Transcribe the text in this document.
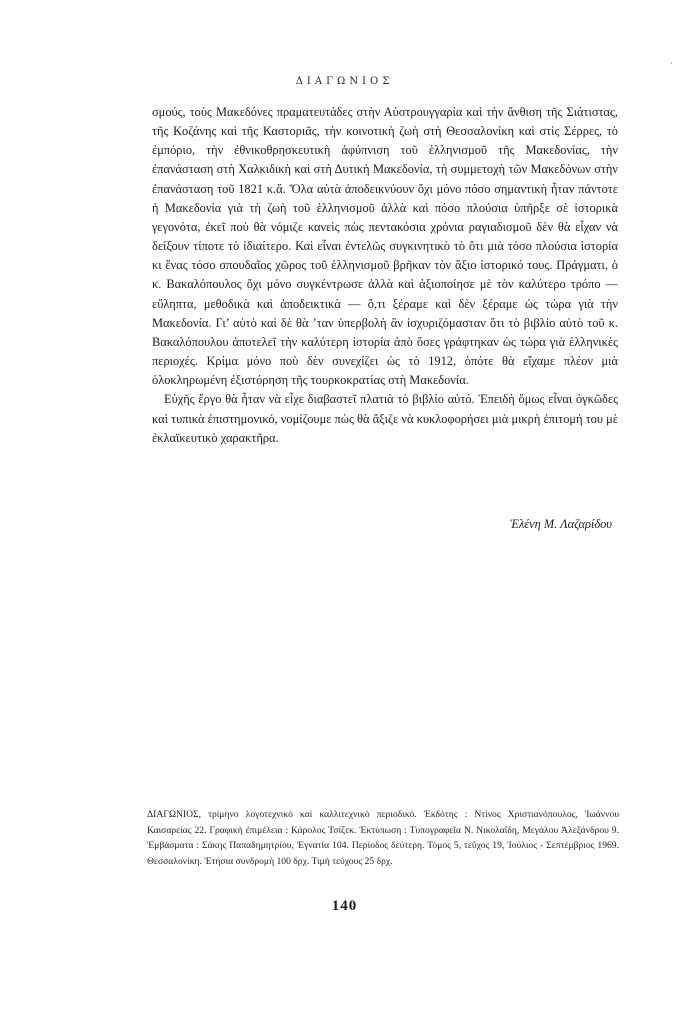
’
ΔΙΑΓΩΝΙΟΣ

σμούς, τοὺς Μακεδόνες πραματευτάδες στὴν Αὐστρουγγαρία καὶ τὴν ἄνθιση τῆς Σιάτιστας, τῆς Κοζάνης καὶ τῆς Καστοριᾶς, τὴν κοινοτικὴ ζωὴ στὴ Θεσσαλονίκη καὶ στὶς Σέρρες, τὸ ἐμπόριο, τὴν ἐθνικοθρησκευτικὴ ἀφύπνιση τοῦ ἑλληνισμοῦ τῆς Μακεδονίας, τὴν ἐπανάσταση στὴ Χαλκιδικὴ καὶ στὴ Δυτικὴ Μακεδονία, τὴ συμμετοχὴ τῶν Μακεδόνων στὴν ἐπανάσταση τοῦ 1821 κ.ἄ. Ὅλα αὐτὰ ἀποδεικνύουν ὄχι μόνο πόσο σημαντικὴ ἦταν πάντοτε ἡ Μακεδονία γιὰ τὴ ζωὴ τοῦ ἑλληνισμοῦ ἀλλὰ καὶ πόσο πλούσια ὑπῆρξε σὲ ἱστορικὰ γεγονότα, ἐκεῖ ποὺ θὰ νόμιζε κανεὶς πὼς πεντακόσια χρόνια ραγιαδισμοῦ δὲν θὰ εἶχαν νὰ δείξουν τίποτε τὸ ἰδιαίτερο. Καὶ εἶναι ἐντελῶς συγκινητικὸ τὸ ὅτι μιὰ τόσο πλούσια ἱστορία κι ἕνας τόσο σπουδαῖος χῶρος τοῦ ἑλληνισμοῦ βρῆκαν τὸν ἄξιο ἱστορικό τους. Πράγματι, ὁ κ. Βακαλόπουλος ὄχι μόνο συγκέντρωσε ἀλλὰ καὶ ἀξιοποίησε μὲ τὸν καλύτερο τρόπο — εὔληπτα, μεθοδικὰ καὶ ἀποδεικτικὰ — ὅ,τι ξέραμε καὶ δὲν ξέραμε ὡς τώρα γιὰ τὴν Μακεδονία. Γι’ αὐτὸ καὶ δὲ θὰ ’ταν ὑπερβολὴ ἂν ἰσχυριζόμασταν ὅτι τὸ βιβλίο αὐτὸ τοῦ κ. Βακαλόπουλου ἀποτελεῖ τὴν καλύτερη ἱστορία ἀπὸ ὅσες γράφτηκαν ὡς τώρα γιὰ ἑλληνικὲς περιοχές. Κρίμα μόνο ποὺ δὲν συνεχίζει ὡς τὸ 1912, ὁπότε θὰ εἴχαμε πλέον μιὰ ὁλοκληρωμένη ἐξιστόρηση τῆς τουρκοκρατίας στὴ Μακεδονία.

Εὐχῆς ἔργο θὰ ἦταν νὰ εἶχε διαβαστεῖ πλατιὰ τὸ βιβλίο αὐτό. Ἐπειδὴ ὅμως εἶναι ὀγκῶδες καὶ τυπικὰ ἐπιστημονικό, νομίζουμε πὼς θὰ ἄξιζε νὰ κυκλοφορήσει μιὰ μικρὴ ἐπιτομή του μὲ ἐκλαϊκευτικὸ χαρακτῆρα.

Ἑλένη Μ. Λαζαρίδου
ΔΙΑΓΩΝΙΟΣ, τρίμηνο λογοτεχνικὸ καὶ καλλιτεχνικὸ περιοδικό. Ἐκδότης : Ντίνος Χριστιανόπουλος, Ἰωάννου Καισαρείας 22. Γραφικὴ ἐπιμέλεια : Κάρολος Τσίζεκ. Ἐκτύπωση : Τυπογραφεῖα Ν. Νικολαΐδη, Μεγάλου Ἀλεξάνδρου 9. Ἐμβάσματα : Σάκης Παπαδημητρίου, Ἐγνατία 104. Περίοδος δεύτερη. Τόμος 5, τεῦχος 19, Ἰούλιος - Σεπτέμβριος 1969. Θεσσαλονίκη. Ἐτήσια συνδρομὴ 100 δρχ. Τιμὴ τεύχους 25 δρχ.
140
